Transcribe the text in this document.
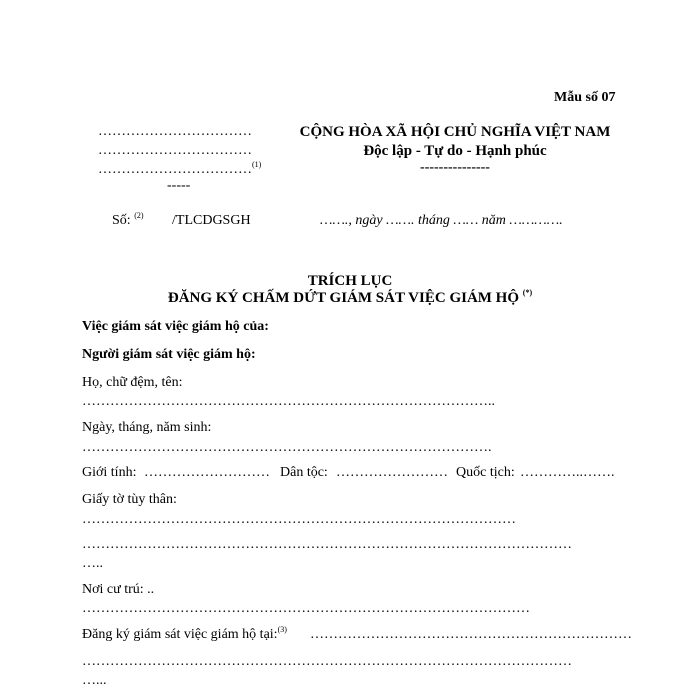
Mẫu số 07
……………………………
……………………………
……………………………$^{(1)}$
-----
CỘNG HÒA XÃ HỘI CHỦ NGHĨA VIỆT NAM
Độc lập - Tự do - Hạnh phúc
---------------
Số: $^{(2)}$ /TLCDGSGH	……., ngày ……. tháng …… năm ………….
TRÍCH LỤC
ĐĂNG KÝ CHẤM DỨT GIÁM SÁT VIỆC GIÁM HỘ (*)
Việc giám sát việc giám hộ của:
Người giám sát việc giám hộ:
Họ, chữ đệm, tên:
……………………………………………………………………………..
Ngày, tháng, năm sinh:
…………………………………………………………………………….
Giới tính: ……………………… Dân tộc: …………………… Quốc tịch: …………..…….
Giấy tờ tùy thân:
…………………………………………………………………………………
……………………………………………………………………………………………
…..
Nơi cư trú: ..
……………………………………………………………………………………
Đăng ký giám sát việc giám hộ tại:$^{(3)}$ ……………………………………………………………
……………………………………………………………………………………………
…...
